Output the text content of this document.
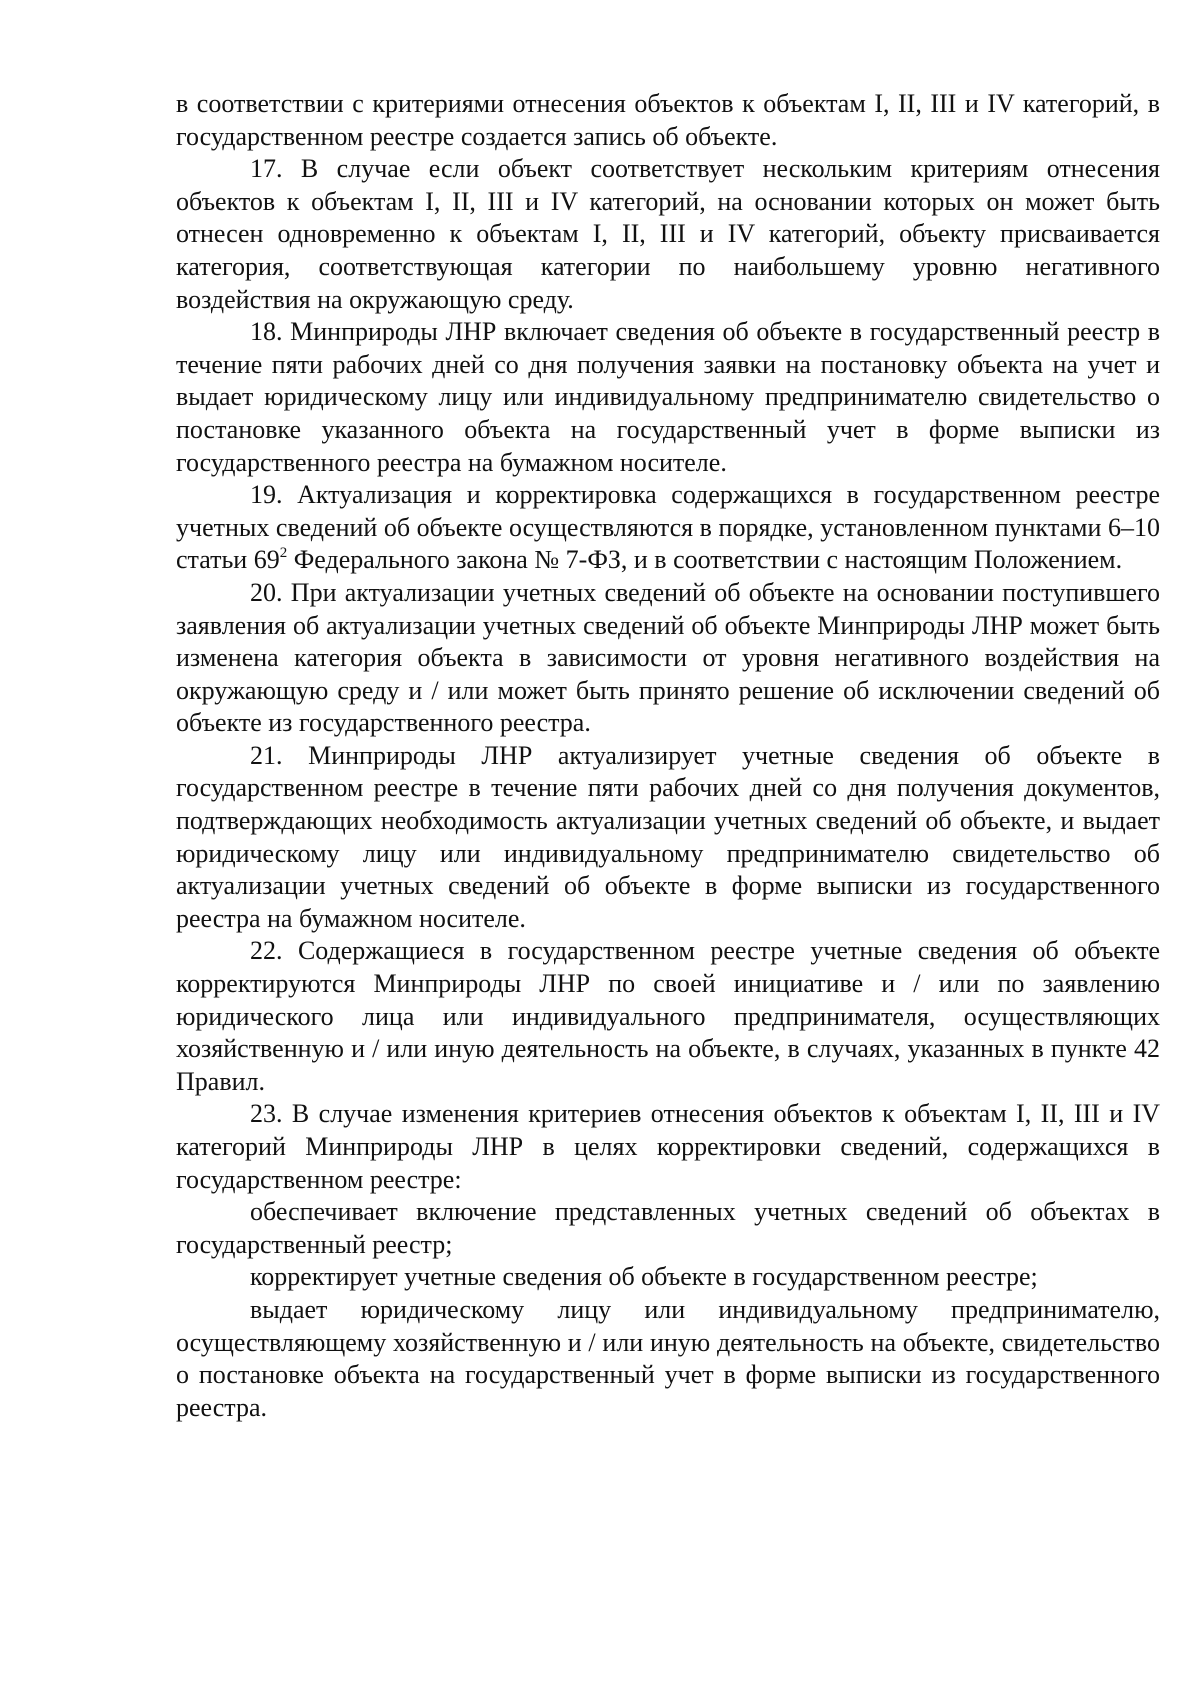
в соответствии с критериями отнесения объектов к объектам I, II, III и IV категорий, в государственном реестре создается запись об объекте.

17. В случае если объект соответствует нескольким критериям отнесения объектов к объектам I, II, III и IV категорий, на основании которых он может быть отнесен одновременно к объектам I, II, III и IV категорий, объекту присваивается категория, соответствующая категории по наибольшему уровню негативного воздействия на окружающую среду.

18. Минприроды ЛНР включает сведения об объекте в государственный реестр в течение пяти рабочих дней со дня получения заявки на постановку объекта на учет и выдает юридическому лицу или индивидуальному предпринимателю свидетельство о постановке указанного объекта на государственный учет в форме выписки из государственного реестра на бумажном носителе.

19. Актуализация и корректировка содержащихся в государственном реестре учетных сведений об объекте осуществляются в порядке, установленном пунктами 6–10 статьи $69^2$ Федерального закона № 7-ФЗ, и в соответствии с настоящим Положением.

20. При актуализации учетных сведений об объекте на основании поступившего заявления об актуализации учетных сведений об объекте Минприроды ЛНР может быть изменена категория объекта в зависимости от уровня негативного воздействия на окружающую среду и / или может быть принято решение об исключении сведений об объекте из государственного реестра.

21. Минприроды ЛНР актуализирует учетные сведения об объекте в государственном реестре в течение пяти рабочих дней со дня получения документов, подтверждающих необходимость актуализации учетных сведений об объекте, и выдает юридическому лицу или индивидуальному предпринимателю свидетельство об актуализации учетных сведений об объекте в форме выписки из государственного реестра на бумажном носителе.

22. Содержащиеся в государственном реестре учетные сведения об объекте корректируются Минприроды ЛНР по своей инициативе и / или по заявлению юридического лица или индивидуального предпринимателя, осуществляющих хозяйственную и / или иную деятельность на объекте, в случаях, указанных в пункте 42 Правил.

23. В случае изменения критериев отнесения объектов к объектам I, II, III и IV категорий Минприроды ЛНР в целях корректировки сведений, содержащихся в государственном реестре:

обеспечивает включение представленных учетных сведений об объектах в государственный реестр;

корректирует учетные сведения об объекте в государственном реестре;

выдает юридическому лицу или индивидуальному предпринимателю, осуществляющему хозяйственную и / или иную деятельность на объекте, свидетельство о постановке объекта на государственный учет в форме выписки из государственного реестра.
